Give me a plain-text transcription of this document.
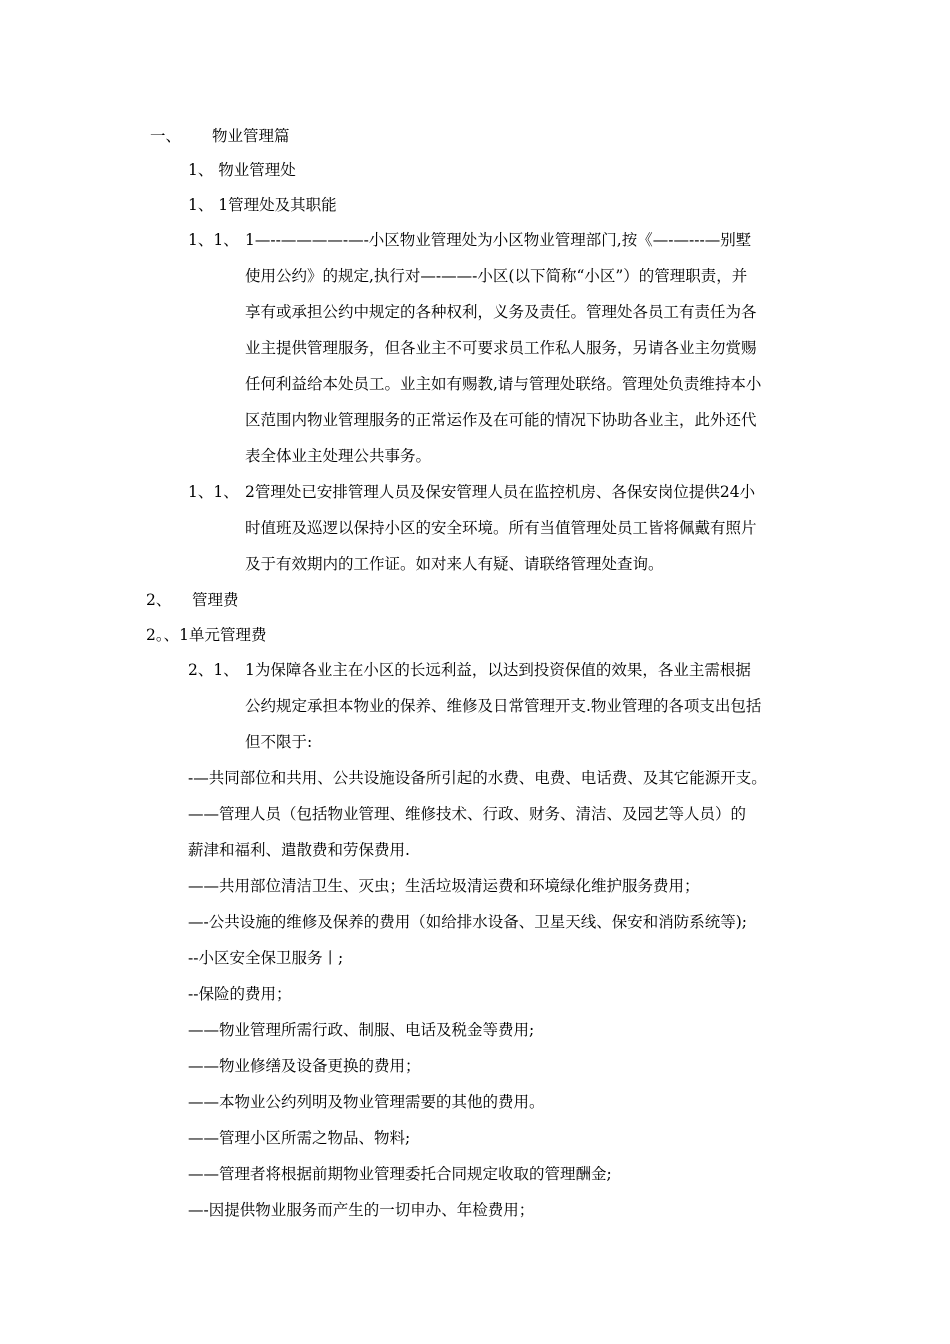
一、 物业管理篇
1、 物业管理处
1、 1管理处及其职能
1、1、 1—--————-—-小区物业管理处为小区物业管理部门,按《—-—---—别墅
使用公约》的规定,执行对—-——-小区(以下简称“小区”）的管理职责，并
享有或承担公约中规定的各种权利，义务及责任。管理处各员工有责任为各
业主提供管理服务，但各业主不可要求员工作私人服务，另请各业主勿赏赐
任何利益给本处员工。业主如有赐教,请与管理处联络。管理处负责维持本小
区范围内物业管理服务的正常运作及在可能的情况下协助各业主，此外还代
表全体业主处理公共事务。
1、1、 2管理处已安排管理人员及保安管理人员在监控机房、各保安岗位提供24小
时值班及巡逻以保持小区的安全环境。所有当值管理处员工皆将佩戴有照片
及于有效期内的工作证。如对来人有疑、请联络管理处查询。
2、 管理费
2。、1单元管理费
2、1、 1为保障各业主在小区的长远利益，以达到投资保值的效果，各业主需根据
公约规定承担本物业的保养、维修及日常管理开支.物业管理的各项支出包括
但不限于:
-—共同部位和共用、公共设施设备所引起的水费、电费、电话费、及其它能源开支。
——管理人员（包括物业管理、维修技术、行政、财务、清洁、及园艺等人员）的
薪津和福利、遣散费和劳保费用.
——共用部位清洁卫生、灭虫；生活垃圾清运费和环境绿化维护服务费用；
—-公共设施的维修及保养的费用（如给排水设备、卫星天线、保安和消防系统等);
--小区安全保卫服务丨;
--保险的费用；
——物业管理所需行政、制服、电话及税金等费用;
——物业修缮及设备更换的费用；
——本物业公约列明及物业管理需要的其他的费用。
——管理小区所需之物品、物料;
——管理者将根据前期物业管理委托合同规定收取的管理酬金;
—-因提供物业服务而产生的一切申办、年检费用；
